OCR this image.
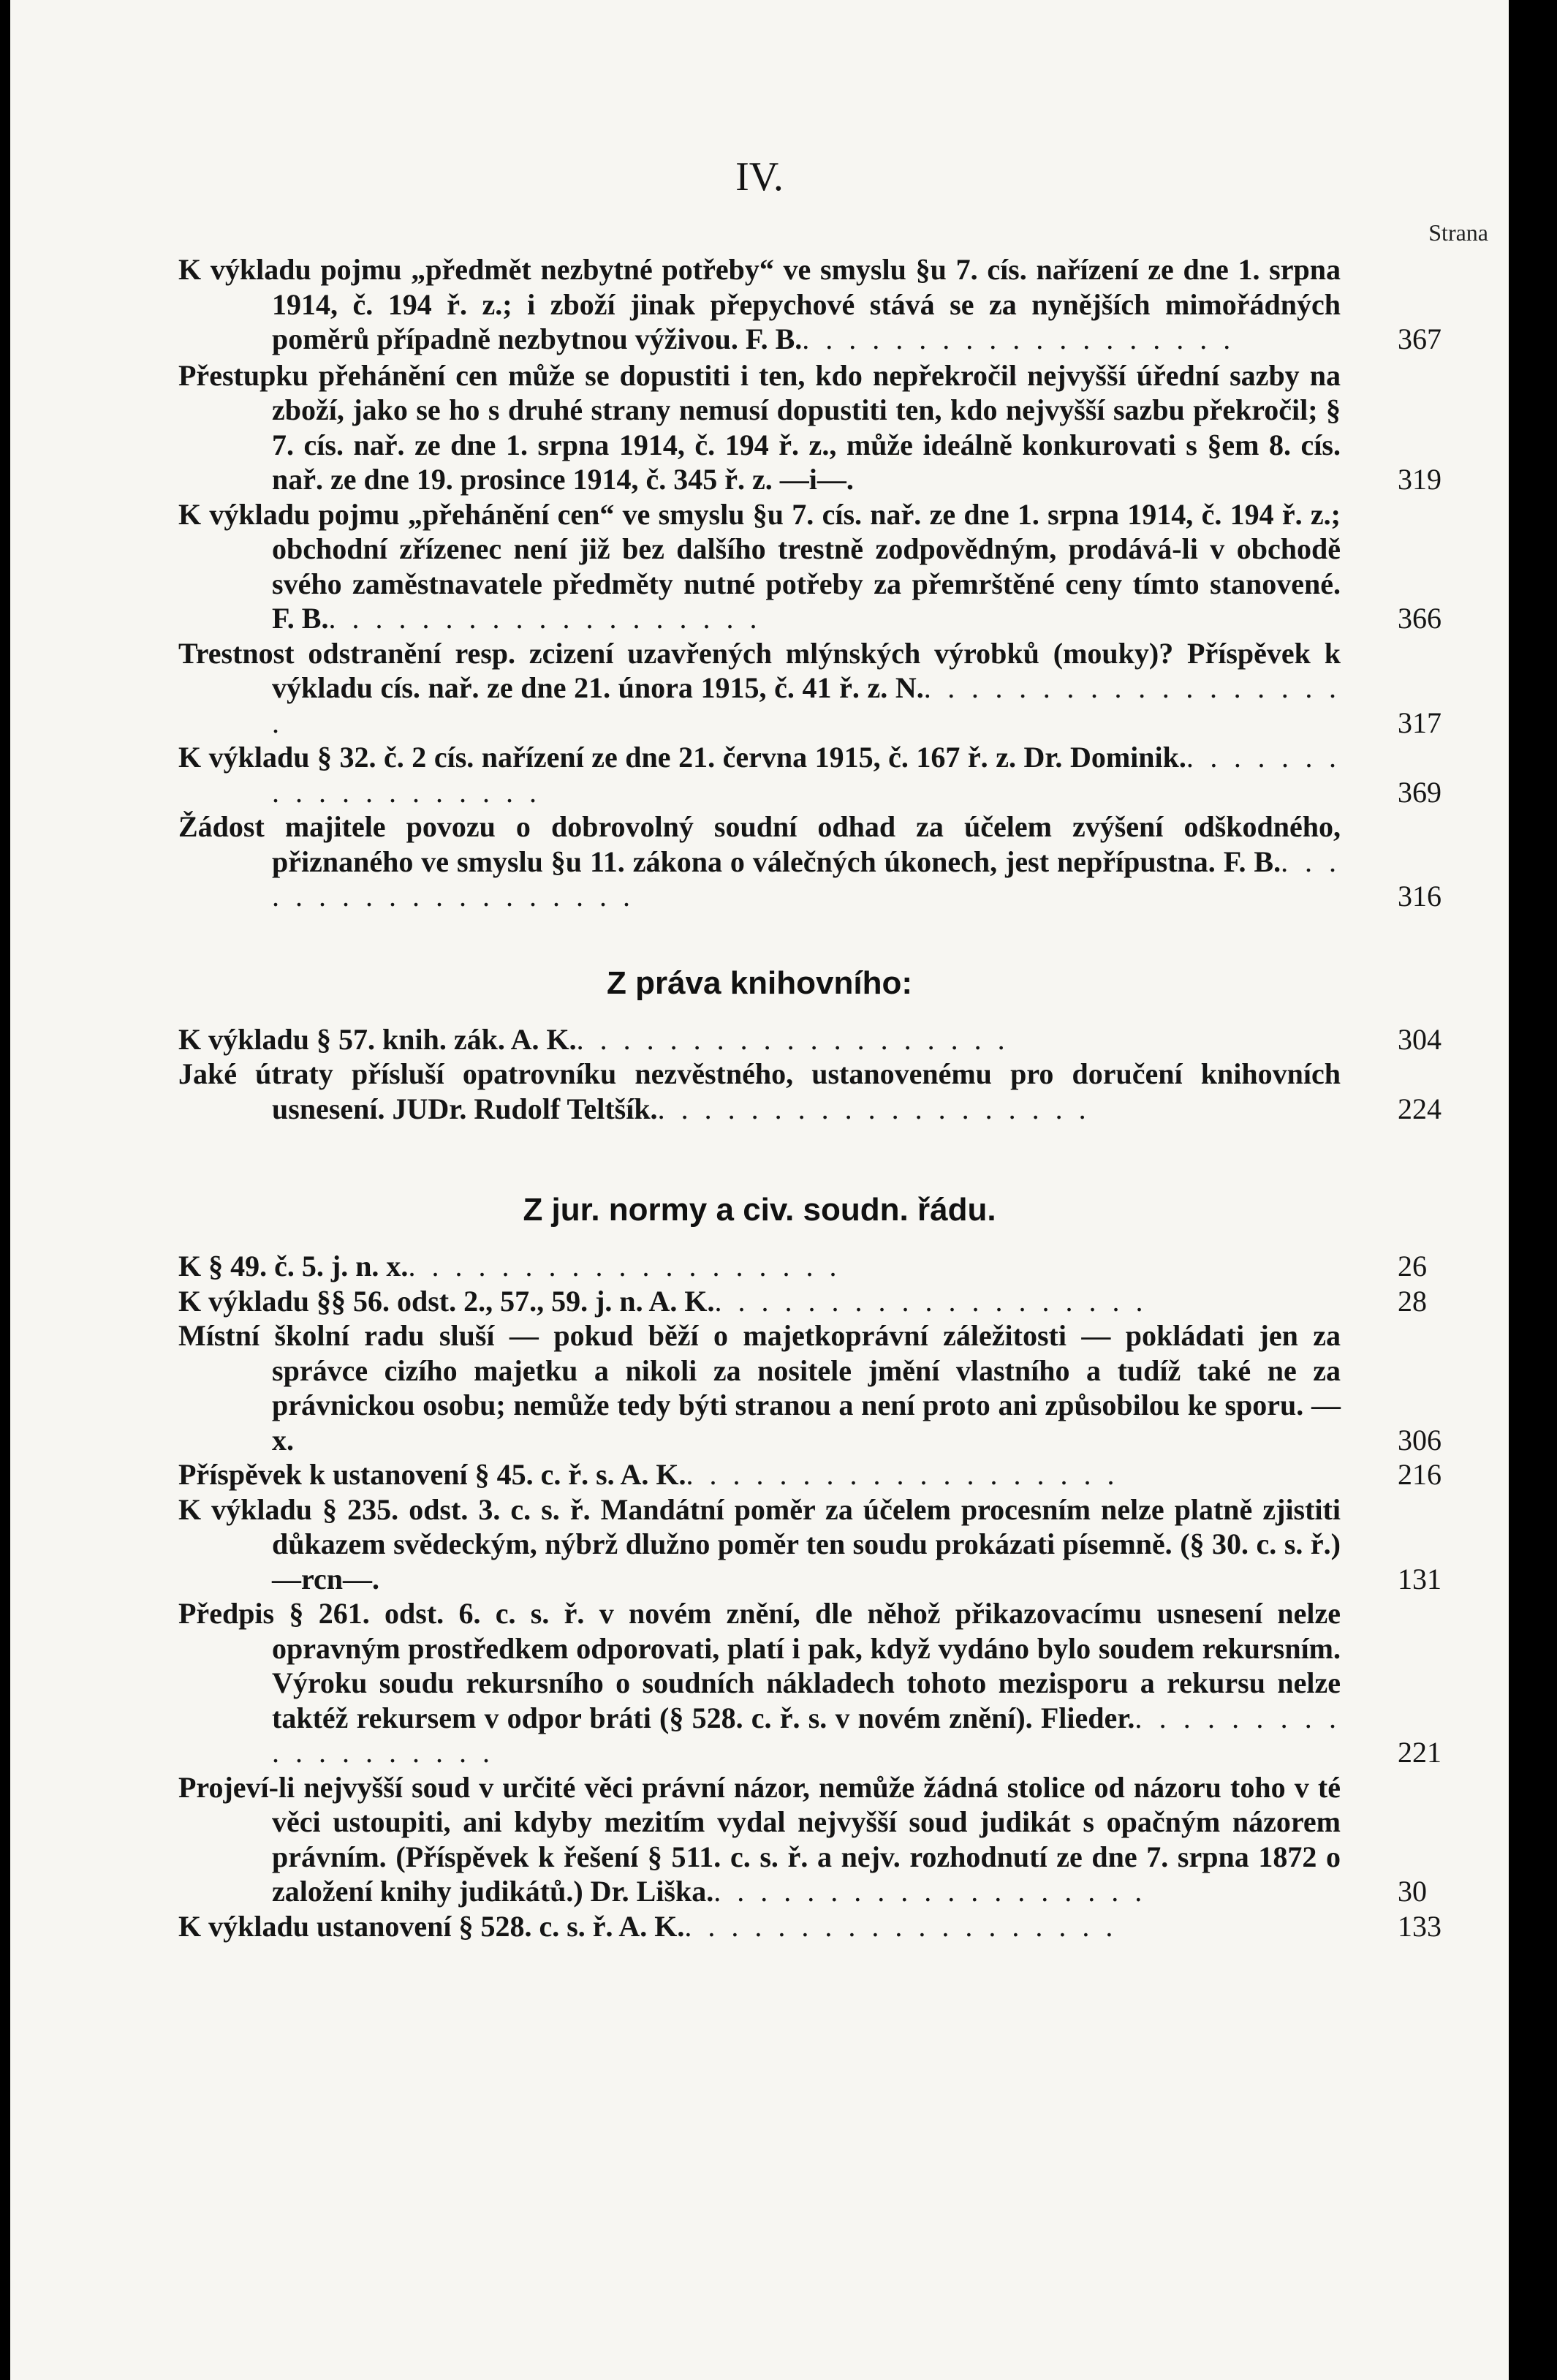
IV.
Strana
K výkladu pojmu „předmět nezbytné potřeby“ ve smyslu §u 7. cís. nařízení ze dne 1. srpna 1914, č. 194 ř. z.; i zboží jinak přepychové stává se za nynějších mimořádných poměrů případně nezbytnou výživou. F. B.. . . . . . . . . . . . . . . . . . .	367
Přestupku přehánění cen může se dopustiti i ten, kdo nepřekročil nejvyšší úřední sazby na zboží, jako se ho s druhé strany nemusí dopustiti ten, kdo nejvyšší sazbu překročil; § 7. cís. nař. ze dne 1. srpna 1914, č. 194 ř. z., může ideálně konkurovati s §em 8. cís. nař. ze dne 19. prosince 1914, č. 345 ř. z. —i—.	319
K výkladu pojmu „přehánění cen“ ve smyslu §u 7. cís. nař. ze dne 1. srpna 1914, č. 194 ř. z.; obchodní zřízenec není již bez dalšího trestně zodpovědným, prodává-li v obchodě svého zaměstnavatele předměty nutné potřeby za přemrštěné ceny tímto stanovené. F. B.. . . . . . . . . . . . . . . . . . .	366
Trestnost odstranění resp. zcizení uzavřených mlýnských výrobků (mouky)? Příspěvek k výkladu cís. nař. ze dne 21. února 1915, č. 41 ř. z. N.. . . . . . . . . . . . . . . . . . .	317
K výkladu § 32. č. 2 cís. nařízení ze dne 21. června 1915, č. 167 ř. z. Dr. Dominik.. . . . . . . . . . . . . . . . . . .	369
Žádost majitele povozu o dobrovolný soudní odhad za účelem zvýšení odškodného, přiznaného ve smyslu §u 11. zákona o válečných úkonech, jest nepřípustna. F. B.. . . . . . . . . . . . . . . . . . .	316
Z práva knihovního:
K výkladu § 57. knih. zák. A. K.. . . . . . . . . . . . . . . . . . .	304
Jaké útraty přísluší opatrovníku nezvěstného, ustanovenému pro doručení knihovních usnesení. JUDr. Rudolf Teltšík.. . . . . . . . . . . . . . . . . . .	224
Z jur. normy a civ. soudn. řádu.
K § 49. č. 5. j. n. x.. . . . . . . . . . . . . . . . . . .	26
K výkladu §§ 56. odst. 2., 57., 59. j. n. A. K.. . . . . . . . . . . . . . . . . . .	28
Místní školní radu sluší — pokud běží o majetkoprávní záležitosti — pokládati jen za správce cizího majetku a nikoli za nositele jmění vlastního a tudíž také ne za právnickou osobu; nemůže tedy býti stranou a není proto ani způsobilou ke sporu. —x.	306
Příspěvek k ustanovení § 45. c. ř. s. A. K.. . . . . . . . . . . . . . . . . . .	216
K výkladu § 235. odst. 3. c. s. ř. Mandátní poměr za účelem procesním nelze platně zjistiti důkazem svědeckým, nýbrž dlužno poměr ten soudu prokázati písemně. (§ 30. c. s. ř.) —rcn—.	131
Předpis § 261. odst. 6. c. s. ř. v novém znění, dle něhož přikazovacímu usnesení nelze opravným prostředkem odporovati, platí i pak, když vydáno bylo soudem rekursním. Výroku soudu rekursního o soudních nákladech tohoto mezisporu a rekursu nelze taktéž rekursem v odpor bráti (§ 528. c. ř. s. v novém znění). Flieder.. . . . . . . . . . . . . . . . . . .	221
Projeví-li nejvyšší soud v určité věci právní názor, nemůže žádná stolice od názoru toho v té věci ustoupiti, ani kdyby mezitím vydal nejvyšší soud judikát s opačným názorem právním. (Příspěvek k řešení § 511. c. s. ř. a nejv. rozhodnutí ze dne 7. srpna 1872 o založení knihy judikátů.) Dr. Liška.. . . . . . . . . . . . . . . . . . .	30
K výkladu ustanovení § 528. c. s. ř. A. K.. . . . . . . . . . . . . . . . . . .	133
